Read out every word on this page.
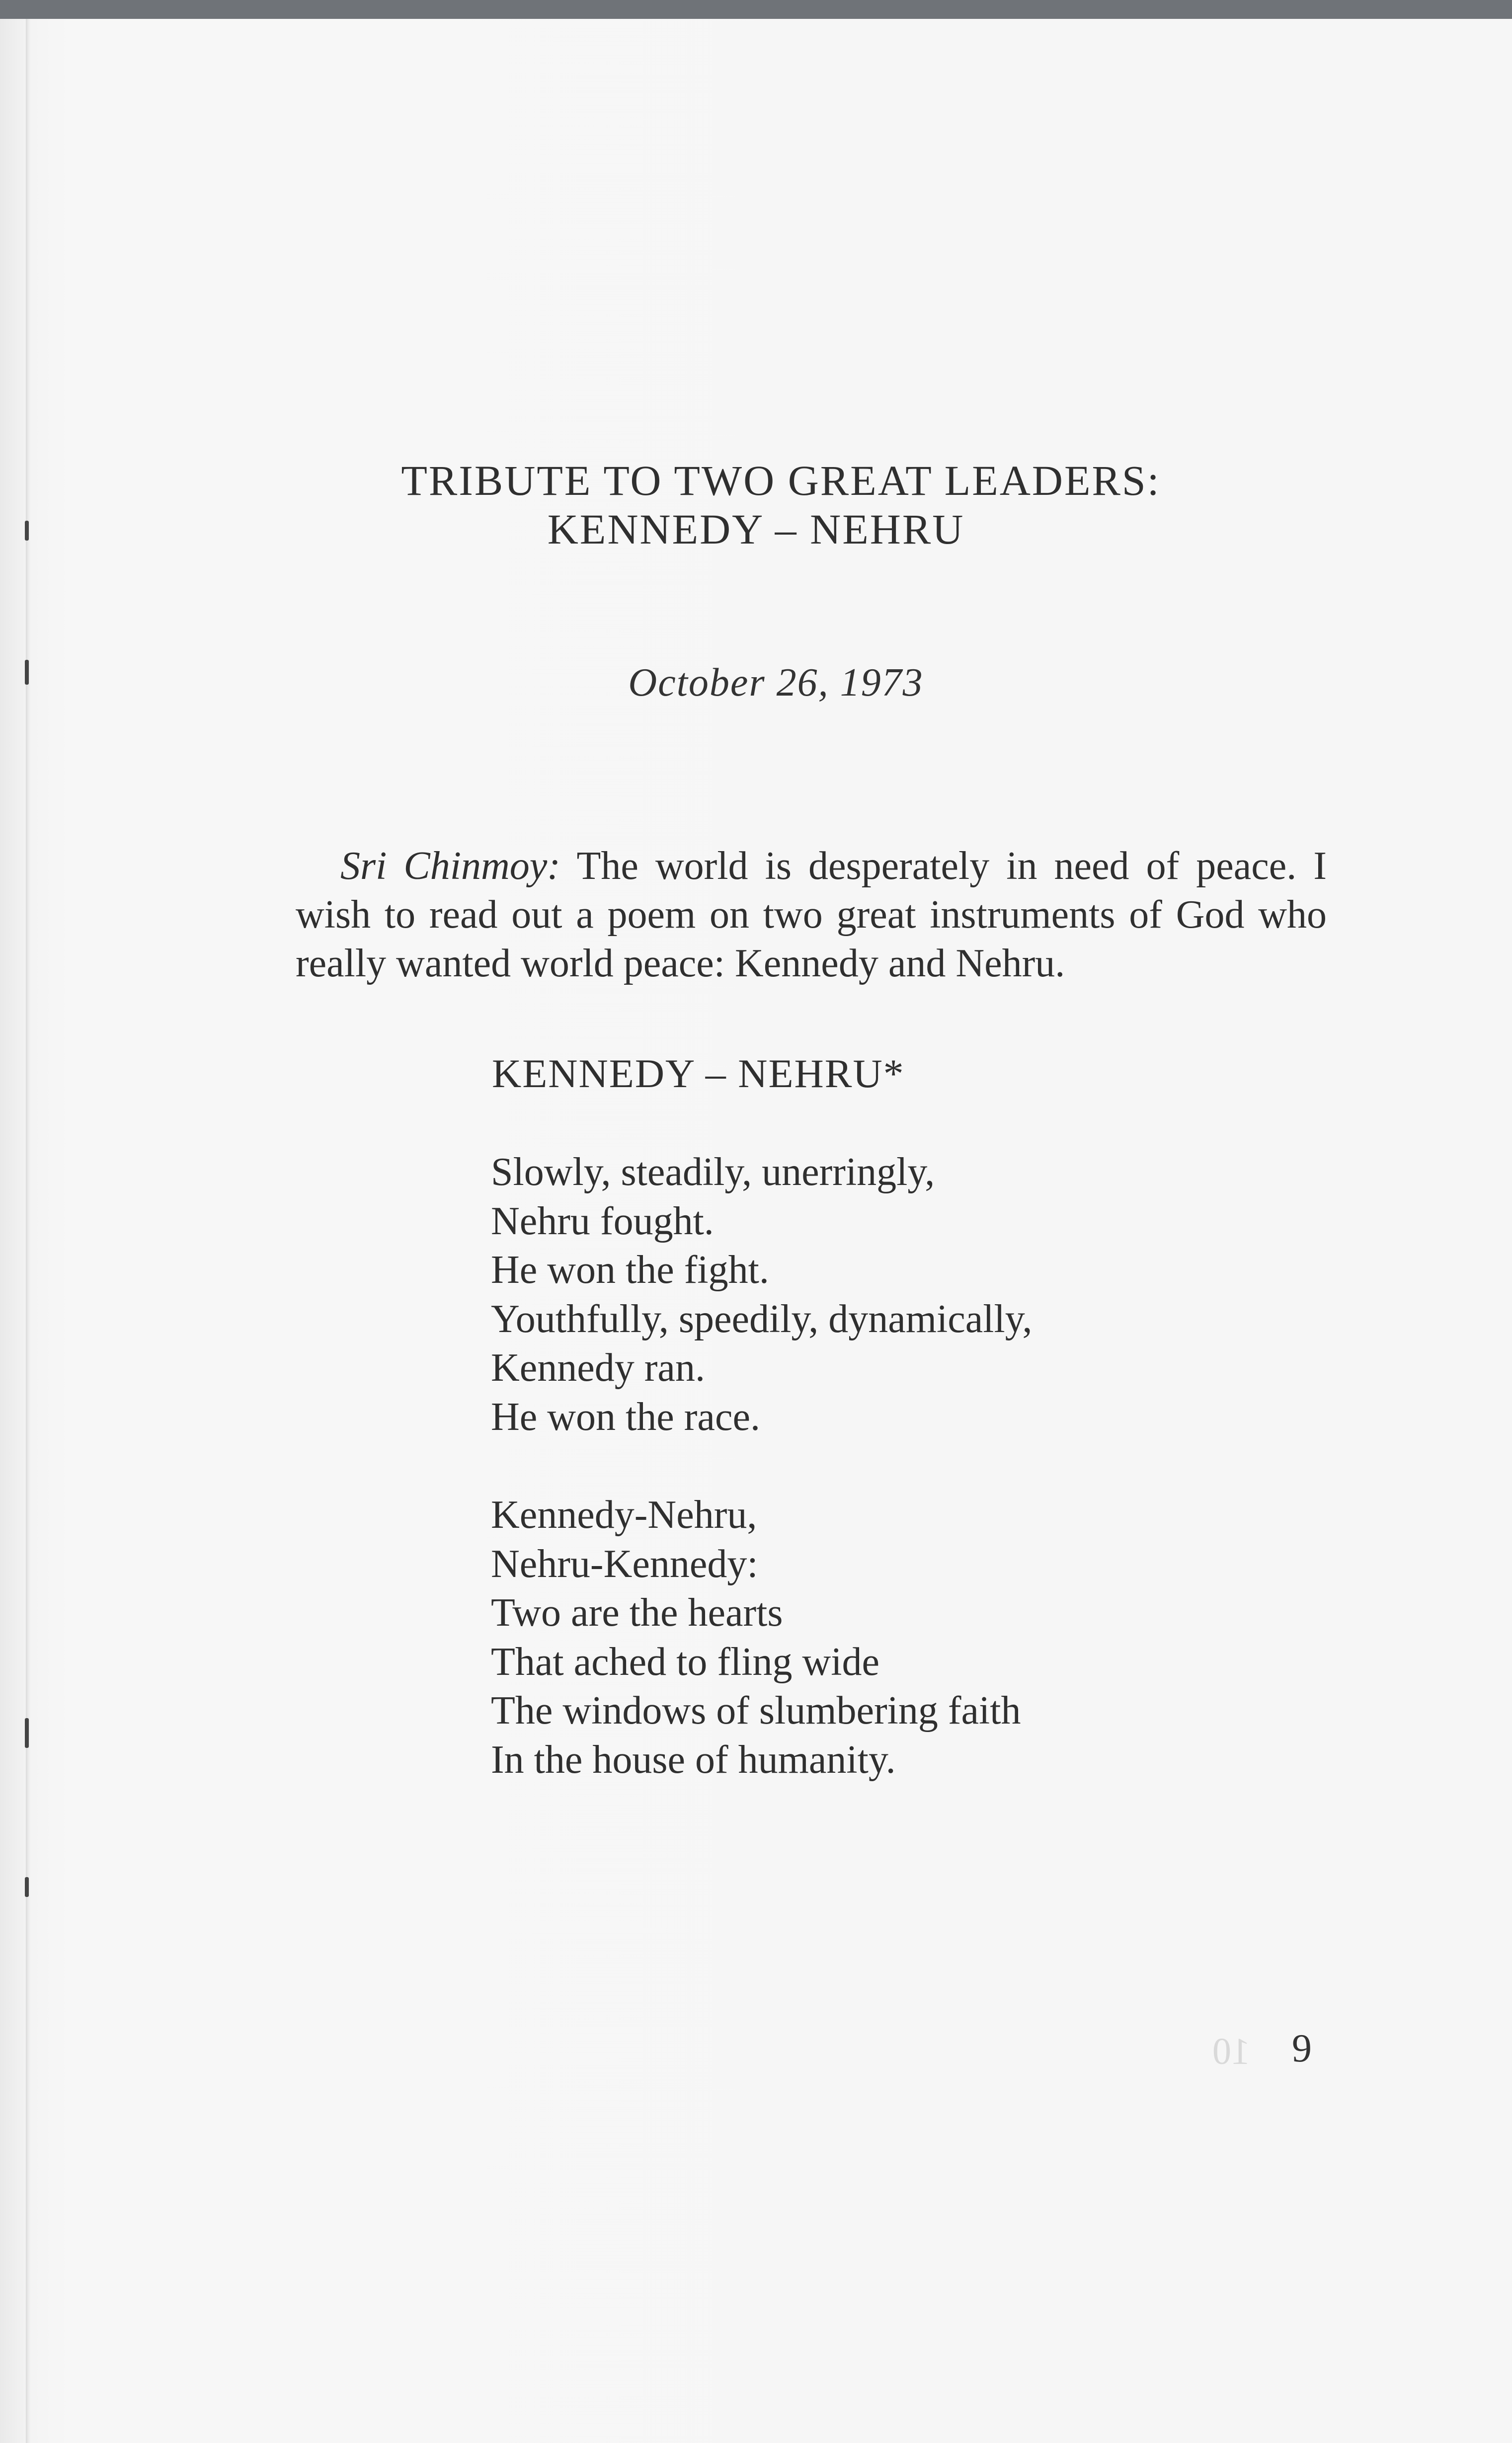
TRIBUTE TO TWO GREAT LEADERS:
KENNEDY – NEHRU
October 26, 1973

Sri Chinmoy: The world is desperately in need of peace. I wish to read out a poem on two great instruments of God who really wanted world peace: Kennedy and Nehru.

KENNEDY – NEHRU*
Slowly, steadily, unerringly,
Nehru fought.
He won the fight.
Youthfully, speedily, dynamically,
Kennedy ran.
He won the race.
Kennedy-Nehru,
Nehru-Kennedy:
Two are the hearts
That ached to fling wide
The windows of slumbering faith
In the house of humanity.
10 9
